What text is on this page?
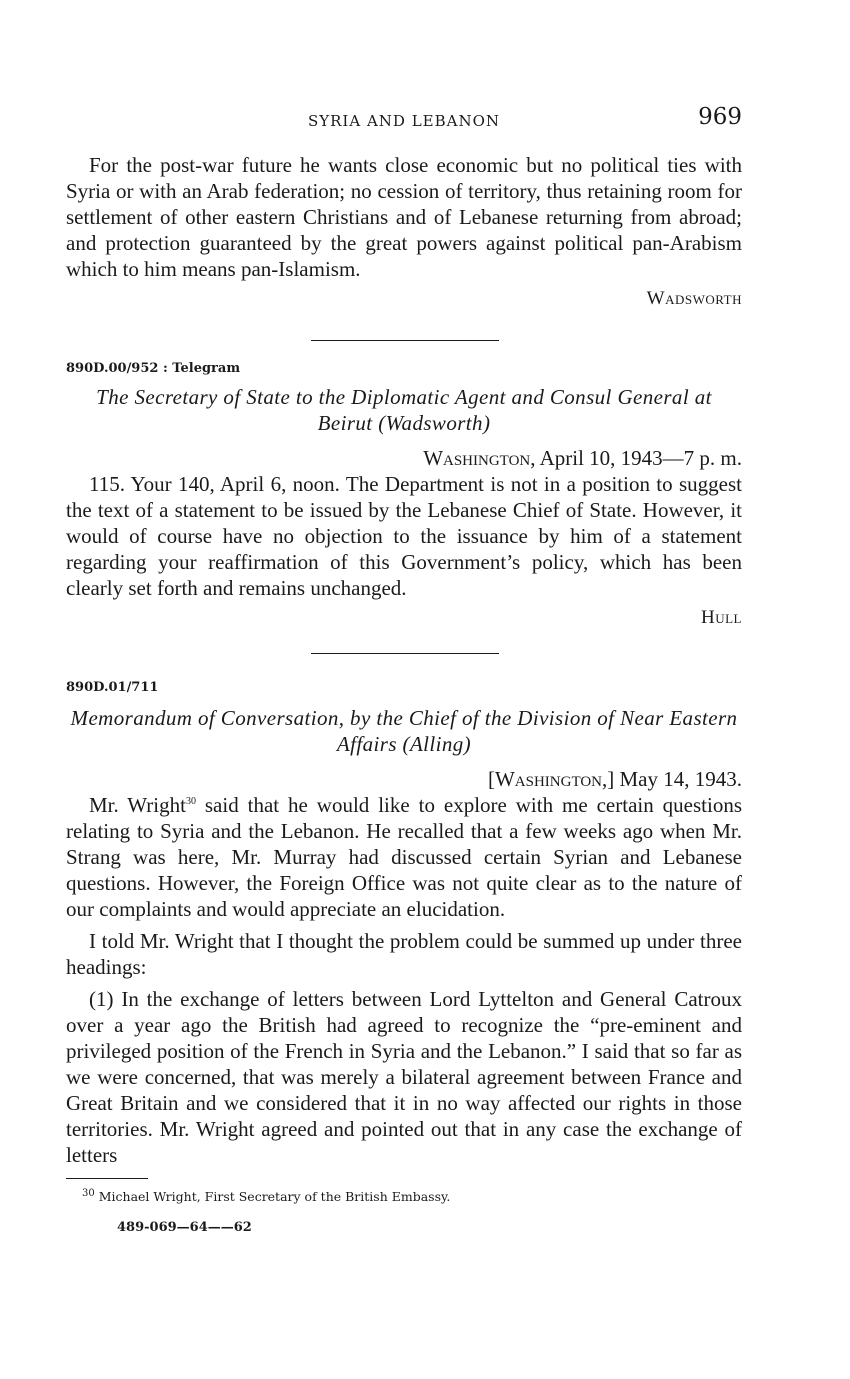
SYRIA AND LEBANON	969

For the post-war future he wants close economic but no political ties with Syria or with an Arab federation; no cession of territory, thus retaining room for settlement of other eastern Christians and of Lebanese returning from abroad; and protection guaranteed by the great powers against political pan-Arabism which to him means pan-Islamism.

Wadsworth
890D.00/952 : Telegram
The Secretary of State to the Diplomatic Agent and Consul General at Beirut (Wadsworth)
Washington, April 10, 1943—7 p. m.

115. Your 140, April 6, noon. The Department is not in a position to suggest the text of a statement to be issued by the Lebanese Chief of State. However, it would of course have no objection to the issuance by him of a statement regarding your reaffirmation of this Government’s policy, which has been clearly set forth and remains unchanged.

Hull
890D.01/711
Memorandum of Conversation, by the Chief of the Division of Near Eastern Affairs (Alling)
[Washington,] May 14, 1943.

Mr. Wright$^{30}$ said that he would like to explore with me certain questions relating to Syria and the Lebanon. He recalled that a few weeks ago when Mr. Strang was here, Mr. Murray had discussed certain Syrian and Lebanese questions. However, the Foreign Office was not quite clear as to the nature of our complaints and would appreciate an elucidation.

I told Mr. Wright that I thought the problem could be summed up under three headings:

(1) In the exchange of letters between Lord Lyttelton and General Catroux over a year ago the British had agreed to recognize the “pre-eminent and privileged position of the French in Syria and the Lebanon.” I said that so far as we were concerned, that was merely a bilateral agreement between France and Great Britain and we considered that it in no way affected our rights in those territories. Mr. Wright agreed and pointed out that in any case the exchange of letters

$^{30}$ Michael Wright, First Secretary of the British Embassy.
489-069—64——62
